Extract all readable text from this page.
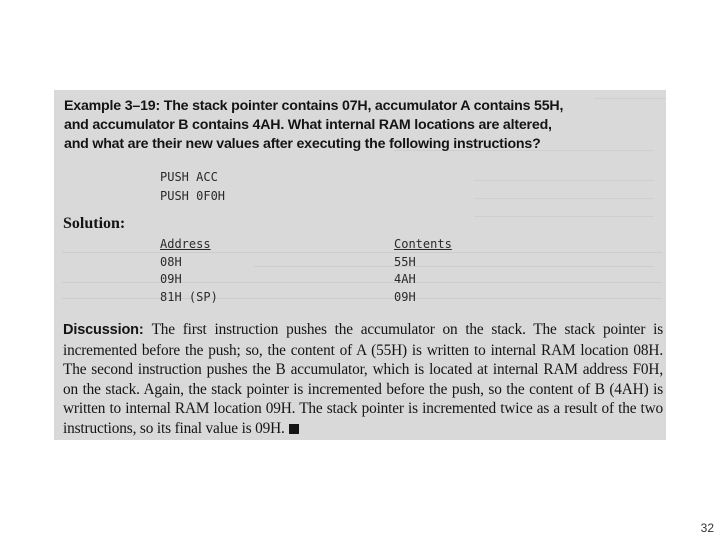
Example 3–19: The stack pointer contains 07H, accumulator A contains 55H,
and accumulator B contains 4AH. What internal RAM locations are altered,
and what are their new values after executing the following instructions?
PUSH ACC
PUSH 0F0H
Solution:
Address
08H
09H
81H (SP)
Contents
55H
4AH
09H
Discussion: The first instruction pushes the accumulator on the stack. The stack pointer is incremented before the push; so, the content of A (55H) is written to internal RAM location 08H. The second instruction pushes the B accumulator, which is located at internal RAM address F0H, on the stack. Again, the stack pointer is incremented before the push, so the content of B (4AH) is written to internal RAM location 09H. The stack pointer is incremented twice as a result of the two instructions, so its final value is 09H.
32
